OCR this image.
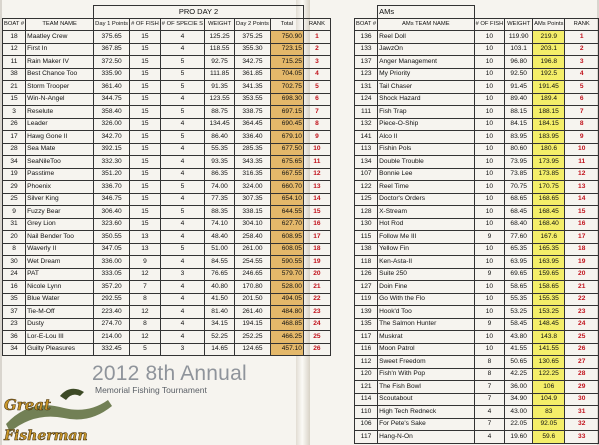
		PRO DAY 2						
BOAT #	TEAM NAME	Day 1 Points	# OF FISH	# OF SPECIE S	WEIGHT	Day 2 Points	Total	RANK
18	Maatley Crew	375.65	15	4	125.25	375.25	750.90	1
12	First In	367.85	15	4	118.55	355.30	723.15	2
11	Rain Maker IV	372.50	15	5	92.75	342.75	715.25	3
38	Best Chance Too	335.90	15	5	111.85	361.85	704.05	4
21	Storm Trooper	361.40	15	5	91.35	341.35	702.75	5
15	Win-N-Angel	344.75	15	4	123.55	353.55	698.30	6
3	Reselute	358.40	15	5	88.75	338.75	697.15	7
26	Leader	326.00	15	4	134.45	364.45	690.45	8
17	Hawg Gone II	342.70	15	5	86.40	336.40	679.10	9
28	Sea Mate	392.15	15	4	55.35	285.35	677.50	10
34	SeaNileToo	332.30	15	4	93.35	343.35	675.65	11
19	Passtime	351.20	15	4	86.35	316.35	667.55	12
29	Phoenix	336.70	15	5	74.00	324.00	660.70	13
25	Silver King	346.75	15	4	77.35	307.35	654.10	14
9	Fuzzy Bear	306.40	15	5	88.35	338.15	644.55	15
31	Grey Lion	323.60	15	4	74.10	304.10	627.70	16
20	Nail Bender Too	350.55	13	4	48.40	258.40	608.95	17
8	Waverly II	347.05	13	5	51.00	261.00	608.05	18
30	Wet Dream	336.00	9	4	84.55	254.55	590.55	19
24	PAT	333.05	12	3	76.65	246.65	579.70	20
16	Nicole Lynn	357.20	7	4	40.80	170.80	528.00	21
35	Blue Water	292.55	8	4	41.50	201.50	494.05	22
37	Tie-M-Off	223.40	12	4	81.40	261.40	484.80	23
23	Dusty	274.70	8	4	34.15	194.15	468.85	24
36	Lor-E-Lou III	214.00	12	4	52.25	252.25	466.25	25
34	Guilty Pleasures	332.45	5	3	14.65	124.65	457.10	26
	AMs				
BOAT #	AMs TEAM NAME	# OF FISH	WEIGHT	AMs Points	RANK
136	Reel Doll	10	119.90	219.9	1
133	JawzOn	10	103.1	203.1	2
137	Anger Management	10	96.80	196.8	3
123	My Priority	10	92.50	192.5	4
131	Tail Chaser	10	91.45	191.45	5
124	Shock Hazard	10	89.40	189.4	6
111	Fish Trap	10	88.15	188.15	7
132	Piece-O-Ship	10	84.15	184.15	8
141	Alco II	10	83.95	183.95	9
113	Fishin Pols	10	80.60	180.6	10
134	Double Trouble	10	73.95	173.95	11
107	Bonnie Lee	10	73.85	173.85	12
122	Reel Time	10	70.75	170.75	13
125	Doctor's Orders	10	68.65	168.65	14
128	X-Stream	10	68.45	168.45	15
130	Hot Rod	10	68.40	168.40	16
115	Follow Me III	9	77.60	167.6	17
138	Yellow Fin	10	65.35	165.35	18
118	Ken-Asta-II	10	63.95	163.95	19
126	Suite 250	9	69.65	159.65	20
127	Doin Fine	10	58.65	158.65	21
119	Go With the Flo	10	55.35	155.35	22
139	Hook'd Too	10	53.25	153.25	23
135	The Salmon Hunter	9	58.45	148.45	24
117	Muskrat	10	43.80	143.8	25
116	Moon Patrol	10	41.55	141.55	26
112	Sweet Freedom	8	50.65	130.65	27
120	Fish'n With Pop	8	42.25	122.25	28
121	The Fish Bowl	7	36.00	106	29
114	Scoutabout	7	34.90	104.9	30
110	High Tech Redneck	4	43.00	83	31
106	For Pete's Sake	7	22.05	92.05	32
117	Hang-N-On	4	19.60	59.6	33
2012 8th Annual
Memorial Fishing Tournament
Great
Fisherman
